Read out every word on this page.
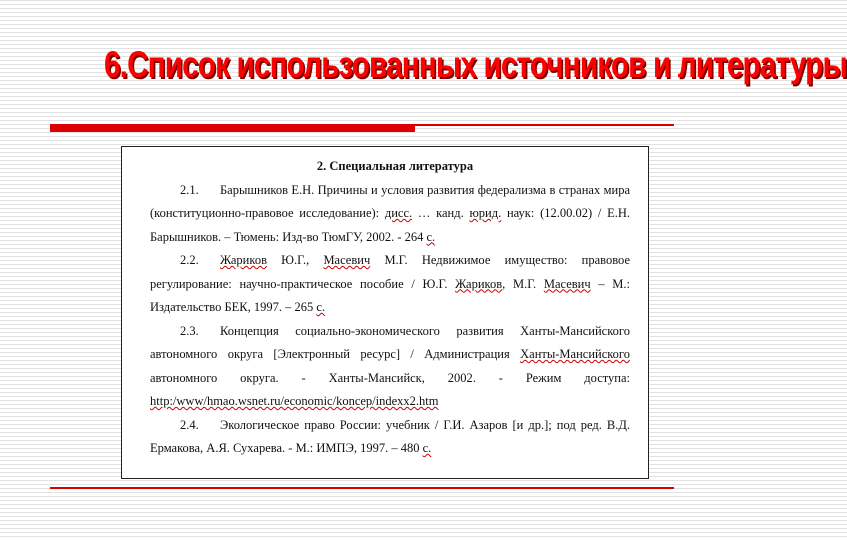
6.Список использованных источников и литературы

2. Специальная литература

2.1. Барышников Е.Н. Причины и условия развития федерализма в странах мира (конституционно-правовое исследование): дисс. … канд. юрид. наук: (12.00.02) / Е.Н. Барышников. – Тюмень: Изд-во ТюмГУ, 2002. - 264 с.

2.2. Жариков Ю.Г., Масевич М.Г. Недвижимое имущество: правовое регулирование: научно-практическое пособие / Ю.Г. Жариков, М.Г. Масевич – М.: Издательство БЕК, 1997. – 265 с.

2.3. Концепция социально-экономического развития Ханты-Мансийского автономного округа [Электронный ресурс] / Администрация Ханты-Мансийского автономного округа. - Ханты-Мансийск, 2002. - Режим доступа: http:/www/hmao.wsnet.ru/economic/koncep/indexx2.htm

2.4. Экологическое право России: учебник / Г.И. Азаров [и др.]; под ред. В.Д. Ермакова, А.Я. Сухарева. - М.: ИМПЭ, 1997. – 480 с.
